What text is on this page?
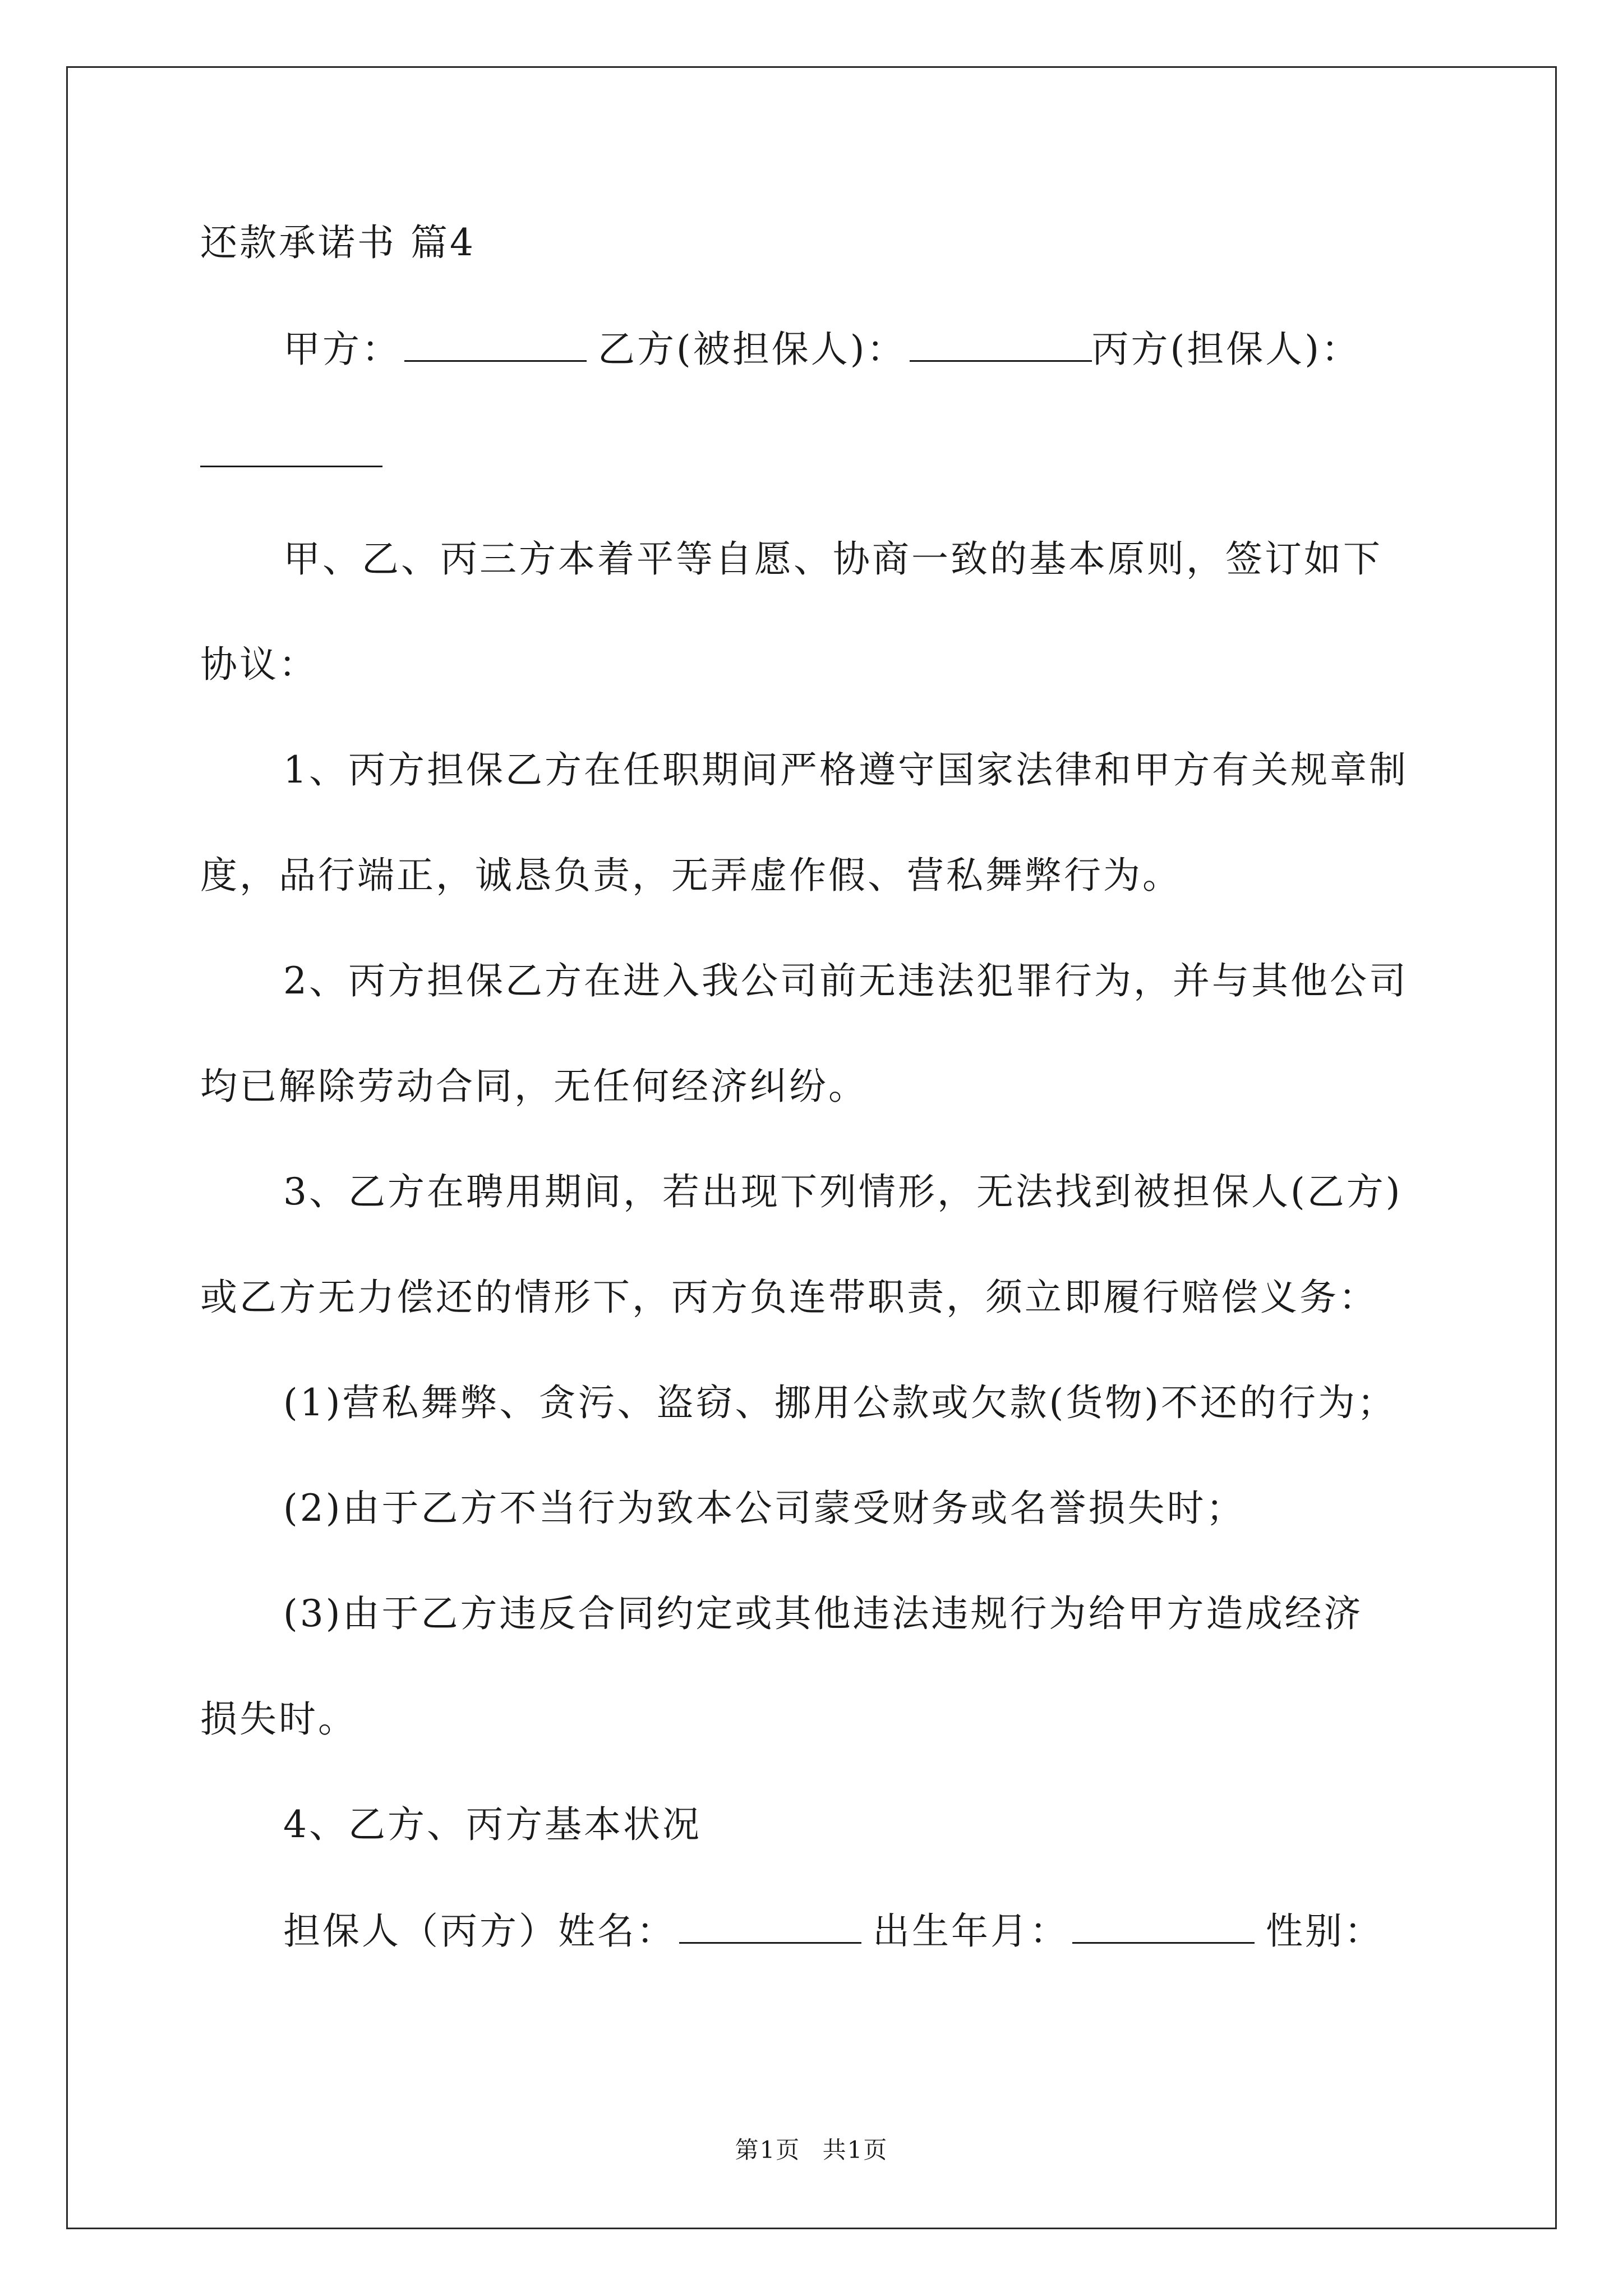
还款承诺书 篇4
甲方：	乙方(被担保人)：	丙方(担保人)：
甲、乙、丙三方本着平等自愿、协商一致的基本原则，签订如下
协议：
1、丙方担保乙方在任职期间严格遵守国家法律和甲方有关规章制
度，品行端正，诚恳负责，无弄虚作假、营私舞弊行为。
2、丙方担保乙方在进入我公司前无违法犯罪行为，并与其他公司
均已解除劳动合同，无任何经济纠纷。
3、乙方在聘用期间，若出现下列情形，无法找到被担保人(乙方)
或乙方无力偿还的情形下，丙方负连带职责，须立即履行赔偿义务：
(1)营私舞弊、贪污、盗窃、挪用公款或欠款(货物)不还的行为；
(2)由于乙方不当行为致本公司蒙受财务或名誉损失时；
(3)由于乙方违反合同约定或其他违法违规行为给甲方造成经济
损失时。
4、乙方、丙方基本状况
担保人（丙方）姓名：	出生年月：	性别：
第1页 共1页
